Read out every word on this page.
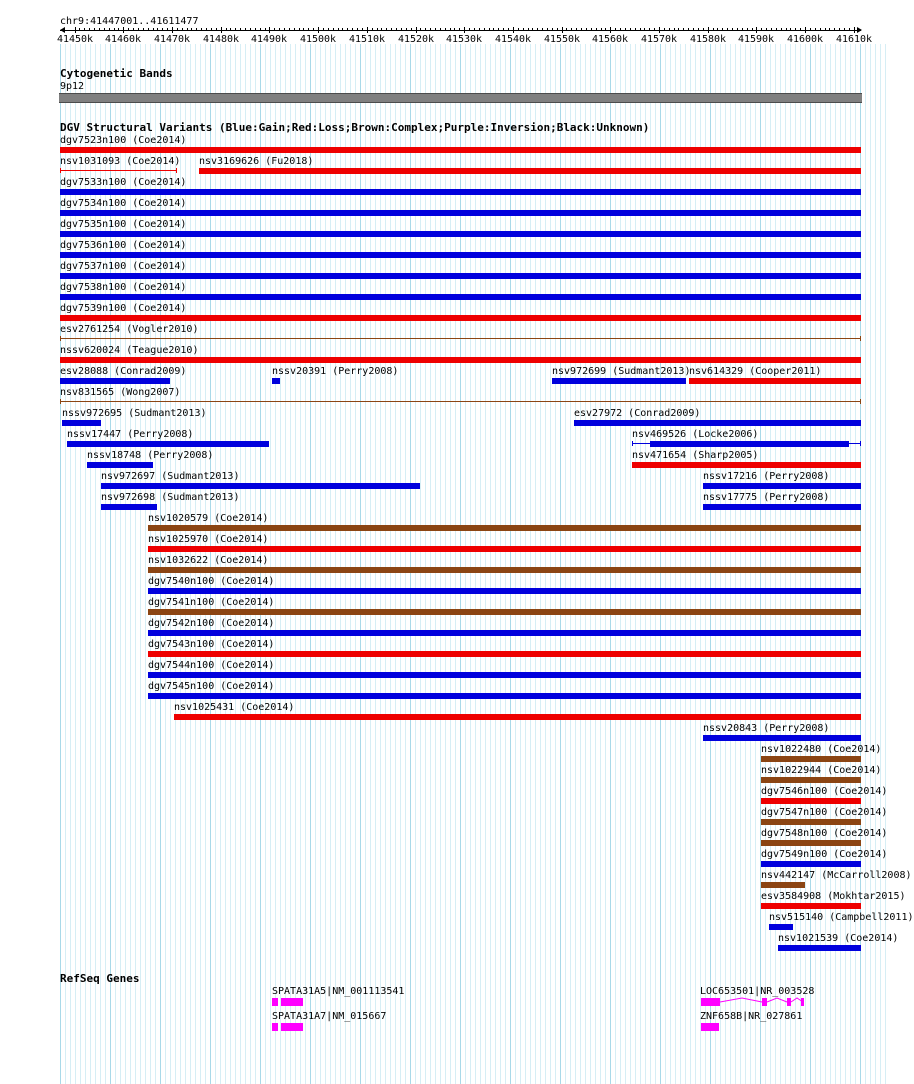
chr9:41447001..41611477
41450k 41460k 41470k 41480k 41490k 41500k 41510k 41520k 41530k 41540k 41550k 41560k 41570k 41580k 41590k 41600k 41610k
Cytogenetic Bands
9p12
DGV Structural Variants (Blue:Gain;Red:Loss;Brown:Complex;Purple:Inversion;Black:Unknown)
dgv7523n100 (Coe2014)
nsv1031093 (Coe2014) nsv3169626 (Fu2018)
dgv7533n100 (Coe2014)
dgv7534n100 (Coe2014)
dgv7535n100 (Coe2014)
dgv7536n100 (Coe2014)
dgv7537n100 (Coe2014)
dgv7538n100 (Coe2014)
dgv7539n100 (Coe2014)
esv2761254 (Vogler2010)
nssv620024 (Teague2010)
esv28088 (Conrad2009)	nssv20391 (Perry2008)	nsv972699 (Sudmant2013)
nsv614329 (Cooper2011)
nsv831565 (Wong2007)
nssv972695 (Sudmant2013)	esv27972 (Conrad2009)
nssv17447 (Perry2008)	nsv469526 (Locke2006)
nssv18748 (Perry2008)	nsv471654 (Sharp2005)
nsv972697 (Sudmant2013)	nssv17216 (Perry2008)
nsv972698 (Sudmant2013)	nssv17775 (Perry2008)
nsv1020579 (Coe2014)
nsv1025970 (Coe2014)
nsv1032622 (Coe2014)
dgv7540n100 (Coe2014)
dgv7541n100 (Coe2014)
dgv7542n100 (Coe2014)
dgv7543n100 (Coe2014)
dgv7544n100 (Coe2014)
dgv7545n100 (Coe2014)
nsv1025431 (Coe2014)
nssv20843 (Perry2008)
nsv1022480 (Coe2014)
nsv1022944 (Coe2014)
dgv7546n100 (Coe2014)
dgv7547n100 (Coe2014)
dgv7548n100 (Coe2014)
dgv7549n100 (Coe2014)
nsv442147 (McCarroll2008)
esv3584908 (Mokhtar2015)
nsv515140 (Campbell2011)
nsv1021539 (Coe2014)
RefSeq Genes
SPATA31A5|NM_001113541
SPATA31A7|NM_015667
LOC653501|NR_003528
ZNF658B|NR_027861
